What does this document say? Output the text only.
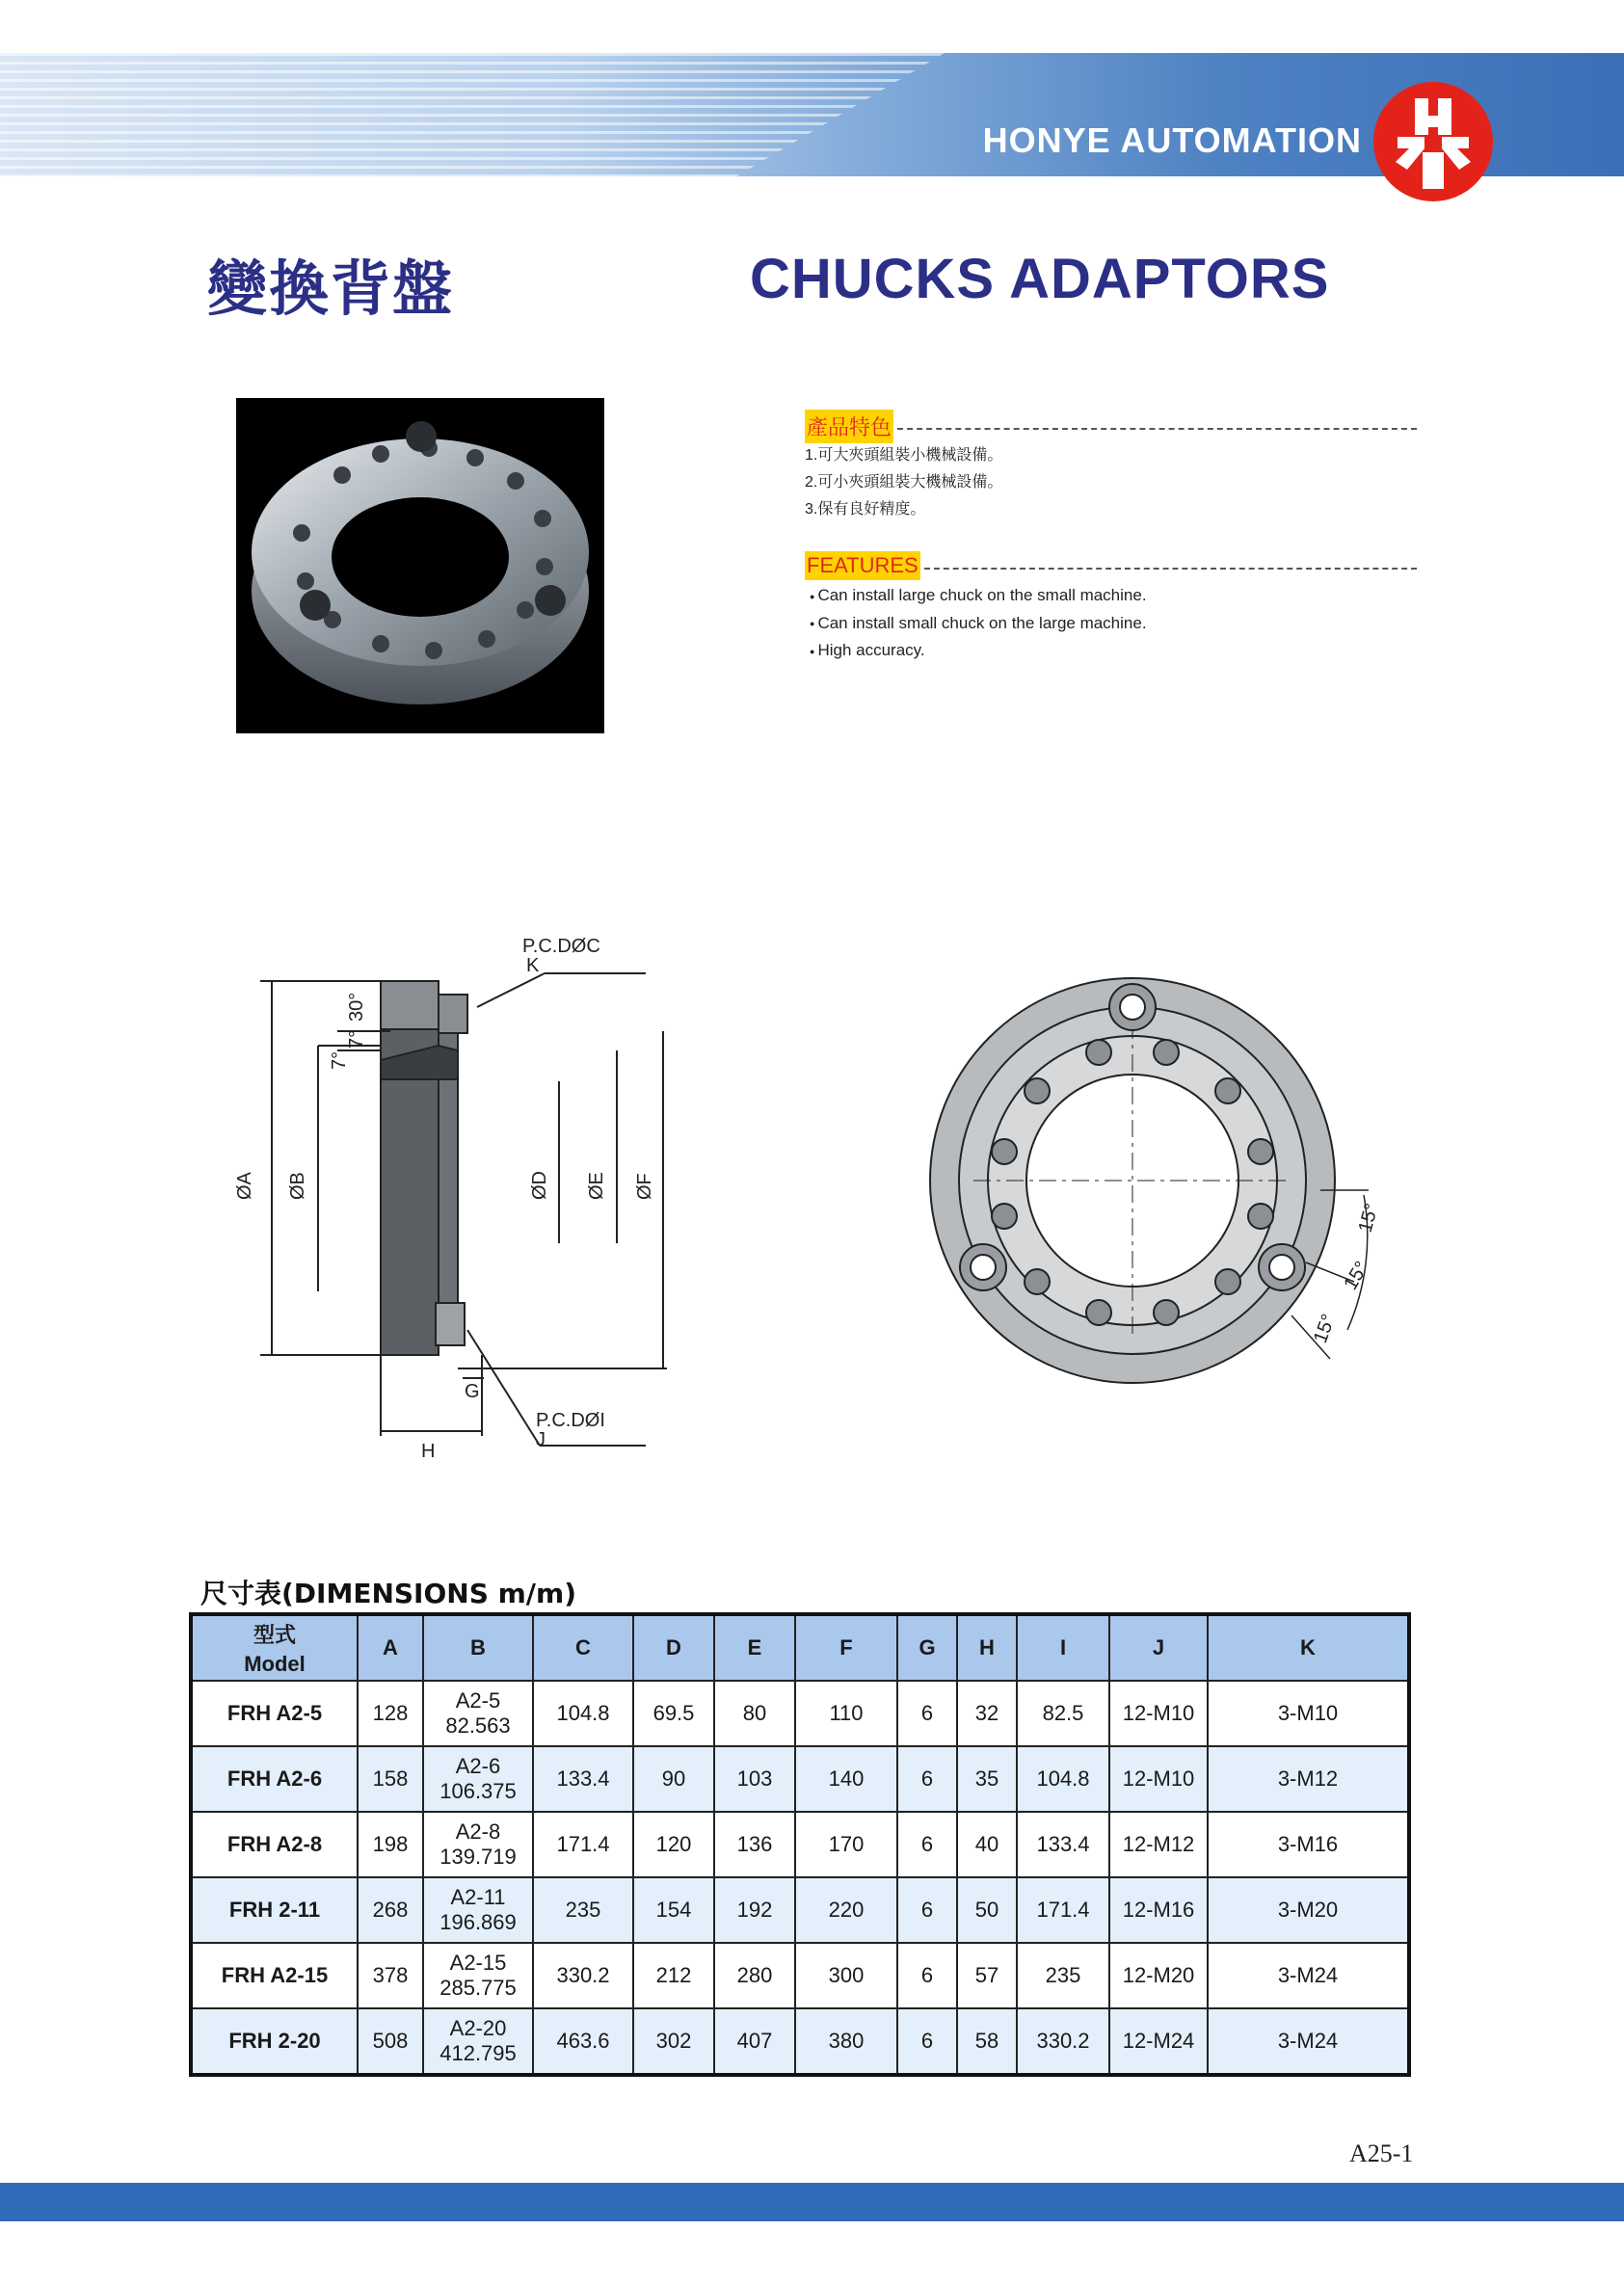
HONYE AUTOMATION
變換背盤	CHUCKS ADAPTORS
產品特色
1.可大夾頭組裝小機械設備。
2.可小夾頭組裝大機械設備。
3.保有良好精度。
FEATURES
● Can install large chuck on the small machine.
● Can install small chuck on the large machine.
● High accuracy.
P.C.DØC
K
P.C.DØI
J
G
H
ØA ØB	ØD ØE ØF
7°
7°
30°
15°
15°
15°
尺寸表(DIMENSIONS m/m)
型式
Model	A	B	C	D	E	F	G	H	I	J	K
FRH A2-5	128	A2-5
82.563	104.8	69.5	80	110	6	32	82.5	12-M10	3-M10
FRH A2-6	158	A2-6
106.375	133.4	90	103	140	6	35	104.8	12-M10	3-M12
FRH A2-8	198	A2-8
139.719	171.4	120	136	170	6	40	133.4	12-M12	3-M16
FRH 2-11	268	A2-11
196.869	235	154	192	220	6	50	171.4	12-M16	3-M20
FRH A2-15	378	A2-15
285.775	330.2	212	280	300	6	57	235	12-M20	3-M24
FRH 2-20	508	A2-20
412.795	463.6	302	407	380	6	58	330.2	12-M24	3-M24
A25-1
